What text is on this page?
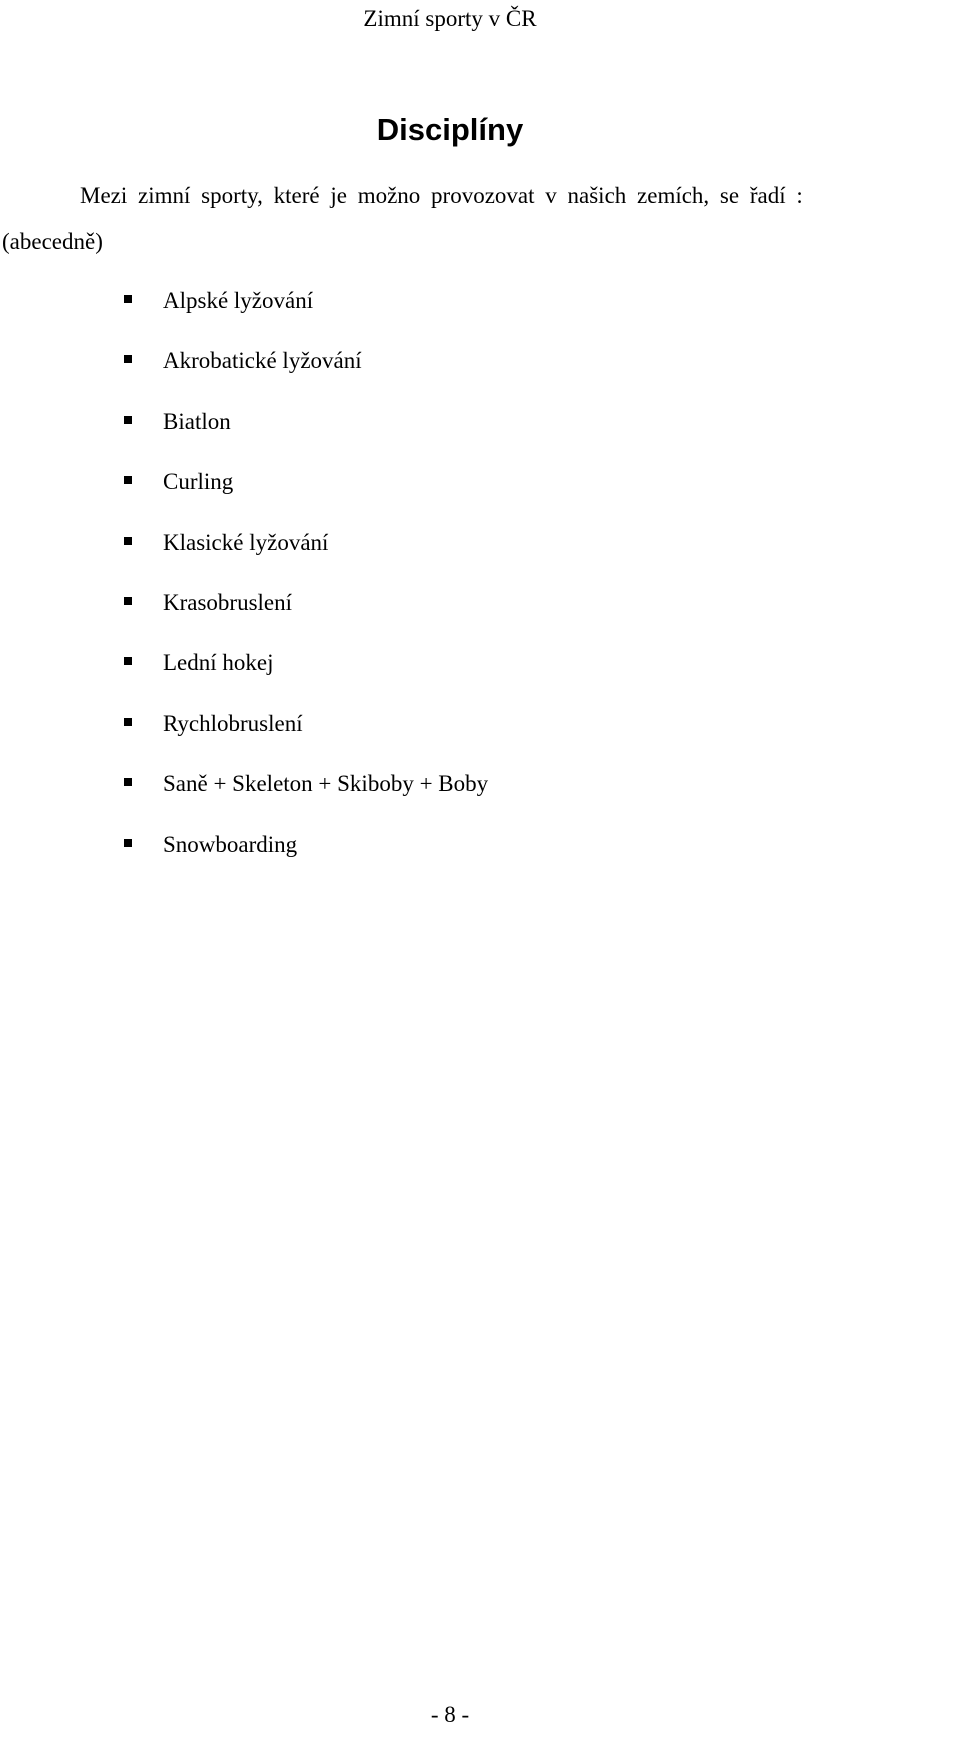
Zimní sporty v ČR
Disciplíny
Mezi zimní sporty, které je možno provozovat v našich zemích, se řadí :
(abecedně)
Alpské lyžování
Akrobatické lyžování
Biatlon
Curling
Klasické lyžování
Krasobruslení
Lední hokej
Rychlobruslení
Saně + Skeleton + Skiboby + Boby
Snowboarding
- 8 -
